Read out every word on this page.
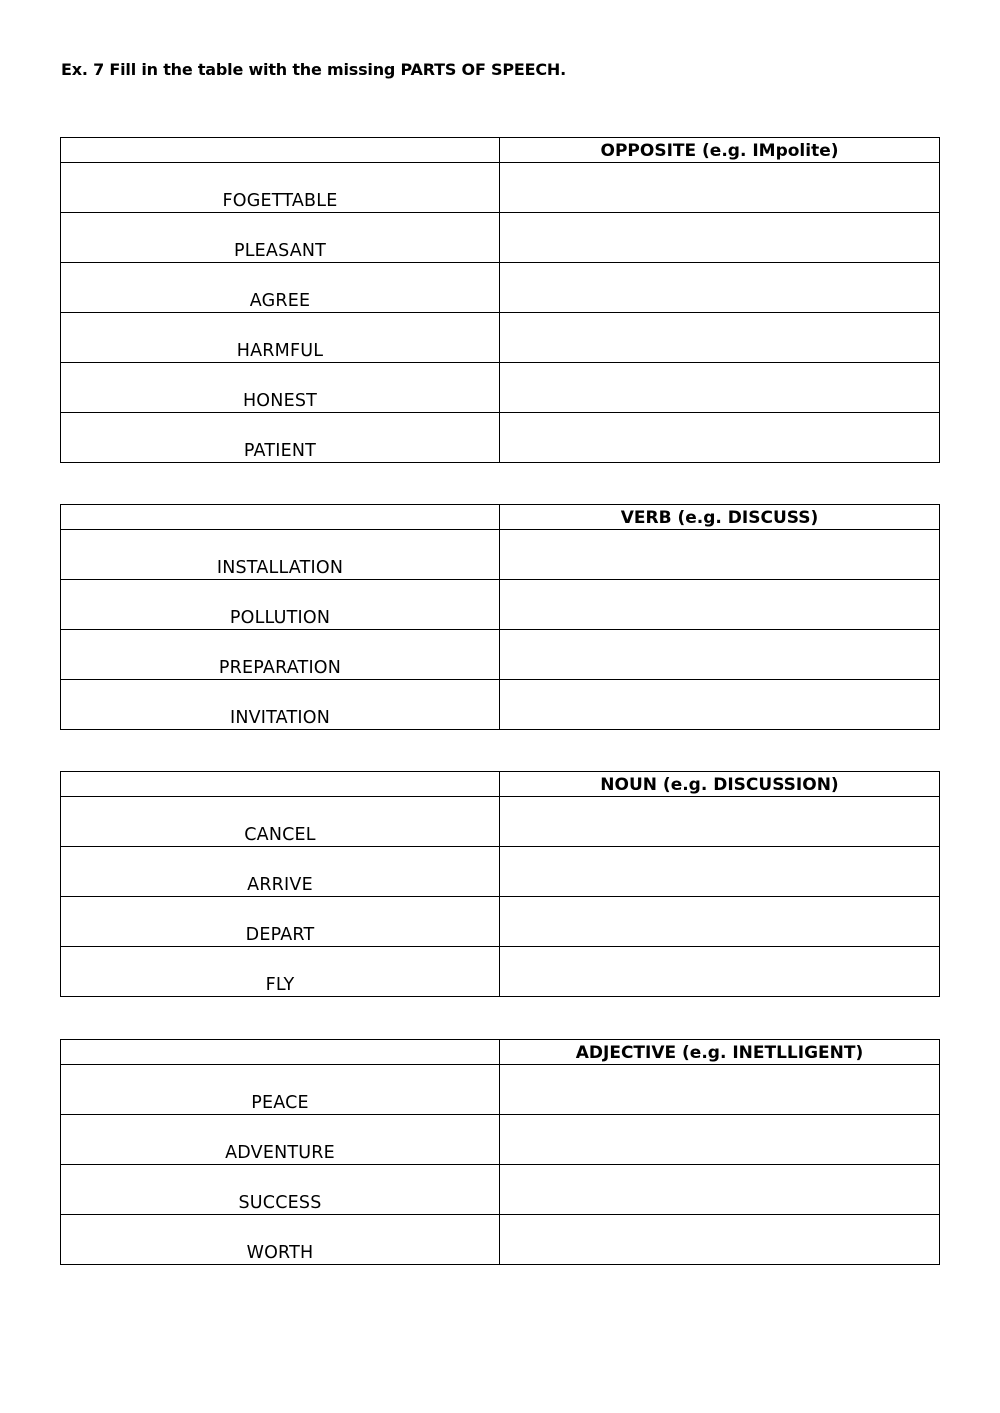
Ex. 7 Fill in the table with the missing PARTS OF SPEECH.
	OPPOSITE (e.g. IMpolite)
FOGETTABLE	
PLEASANT	
AGREE	
HARMFUL	
HONEST	
PATIENT	
	VERB (e.g. DISCUSS)
INSTALLATION	
POLLUTION	
PREPARATION	
INVITATION	
	NOUN (e.g. DISCUSSION)
CANCEL	
ARRIVE	
DEPART	
FLY	
	ADJECTIVE (e.g. INETLLIGENT)
PEACE	
ADVENTURE	
SUCCESS	
WORTH	
